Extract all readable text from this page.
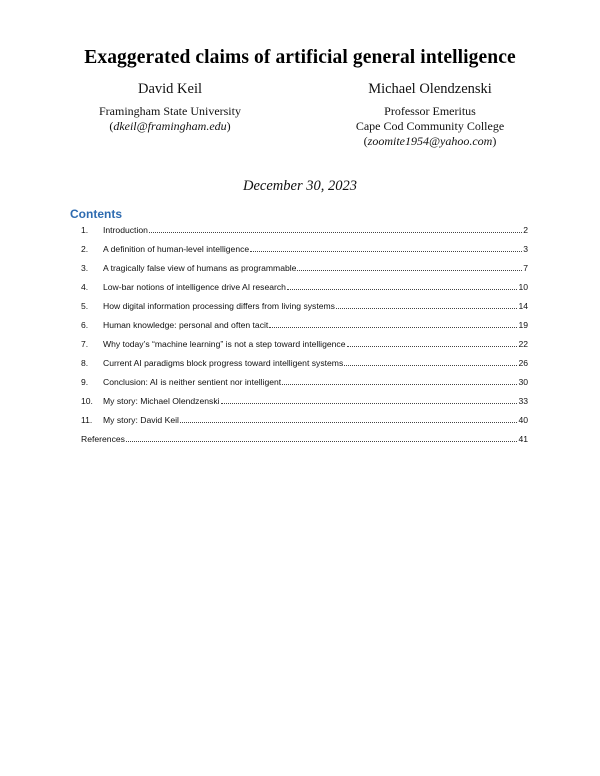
Exaggerated claims of artificial general intelligence
David Keil
Framingham State University
(dkeil@framingham.edu)
Michael Olendzenski
Professor Emeritus
Cape Cod Community College
(zoomite1954@yahoo.com)
December 30, 2023
Contents
1.	Introduction	2
2.	A definition of human-level intelligence	3
3.	A tragically false view of humans as programmable	7
4.	Low-bar notions of intelligence drive AI research	10
5.	How digital information processing differs from living systems	14
6.	Human knowledge: personal and often tacit	19
7.	Why today’s “machine learning” is not a step toward intelligence	22
8.	Current AI paradigms block progress toward intelligent systems	26
9.	Conclusion: AI is neither sentient nor intelligent	30
10.	My story: Michael Olendzenski	33
11.	My story: David Keil	40
References	41
